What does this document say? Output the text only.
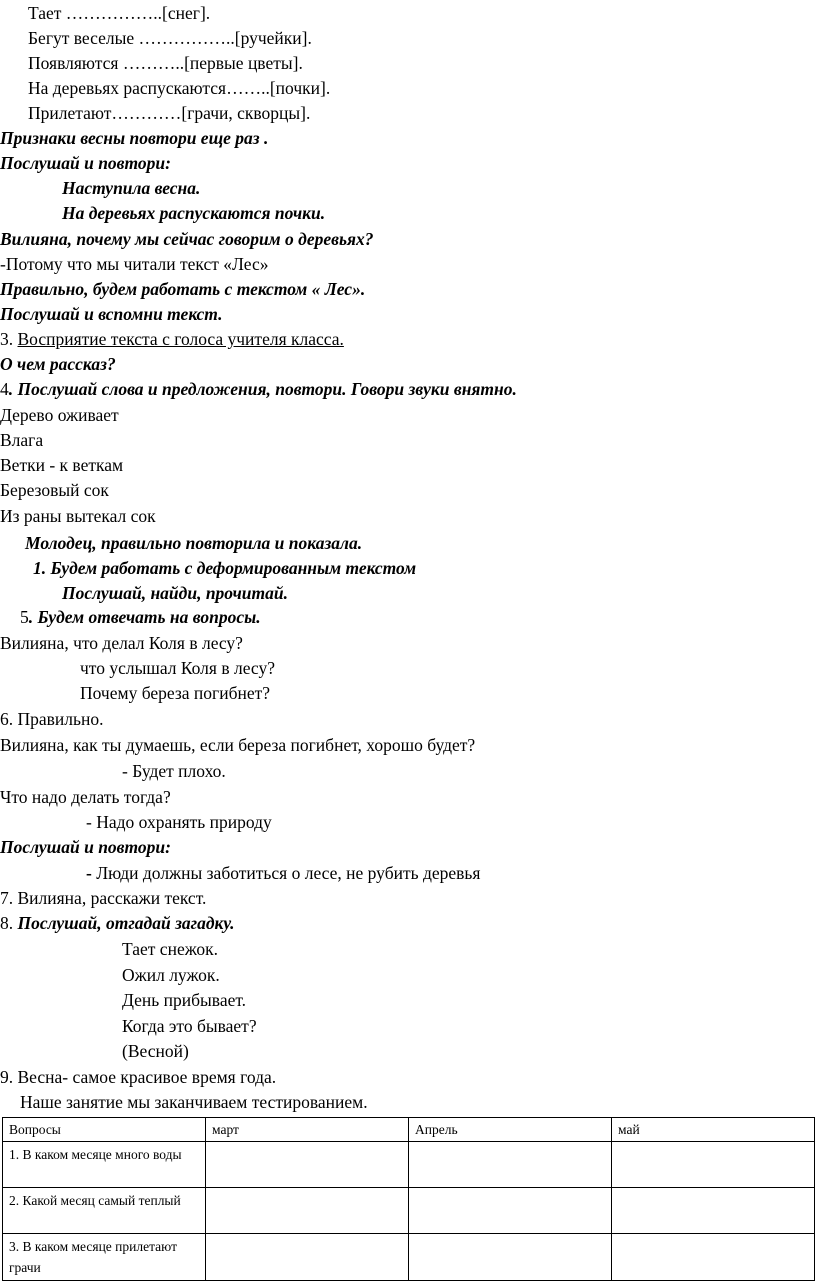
Тает ……………..[снег].
Бегут веселые ……………..[ручейки].
Появляются ………..[первые цветы].
На деревьях распускаются……..[почки].
Прилетают…………[грачи, скворцы].
Признаки весны повтори еще раз .
Послушай и повтори:
Наступила весна.
На деревьях распускаются почки.
Вилияна, почему мы сейчас говорим о деревьях?
-Потому что мы читали текст «Лес»
Правильно, будем работать с текстом « Лес».
Послушай и вспомни текст.
3. Восприятие текста с голоса учителя класса.
О чем рассказ?
4. Послушай слова и предложения, повтори. Говори звуки внятно.
Дерево оживает
Влага
Ветки - к веткам
Березовый сок
Из раны вытекал сок
Молодец, правильно повторила и показала.
1. Будем работать с деформированным текстом
Послушай, найди, прочитай.
5. Будем отвечать на вопросы.
Вилияна, что делал Коля в лесу?
что услышал Коля в лесу?
Почему береза погибнет?
6. Правильно.
Вилияна, как ты думаешь, если береза погибнет, хорошо будет?
- Будет плохо.
Что надо делать тогда?
- Надо охранять природу
Послушай и повтори:
- Люди должны заботиться о лесе, не рубить деревья
7. Вилияна, расскажи текст.
8. Послушай, отгадай загадку.
Тает снежок.
Ожил лужок.
День прибывает.
Когда это бывает?
(Весной)
9. Весна- самое красивое время года.
Наше занятие мы заканчиваем тестированием.
Вопросы	март	Апрель	май
1. В каком месяце много воды			
2. Какой месяц самый теплый			
3. В каком месяце прилетают грачи			
